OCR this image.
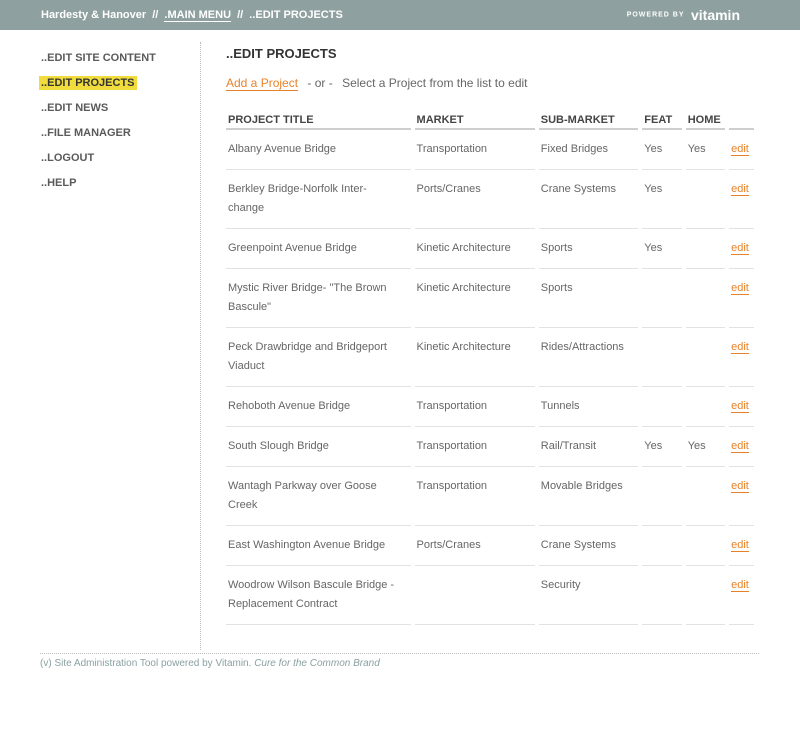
Hardesty & Hanover // .MAIN MENU // ..EDIT PROJECTS	POWERED BY vitamin
..EDIT SITE CONTENT
..EDIT PROJECTS
..EDIT NEWS
..FILE MANAGER
..LOGOUT
..HELP
..EDIT PROJECTS
Add a Project - or - Select a Project from the list to edit
PROJECT TITLE	MARKET	SUB-MARKET	FEAT	HOME	
Albany Avenue Bridge	Transportation	Fixed Bridges	Yes	Yes	edit
Berkley Bridge-Norfolk Inter-change	Ports/Cranes	Crane Systems	Yes		edit
Greenpoint Avenue Bridge	Kinetic Architecture	Sports	Yes		edit
Mystic River Bridge- "The Brown Bascule"	Kinetic Architecture	Sports			edit
Peck Drawbridge and Bridgeport Viaduct	Kinetic Architecture	Rides/Attractions			edit
Rehoboth Avenue Bridge	Transportation	Tunnels			edit
South Slough Bridge	Transportation	Rail/Transit	Yes	Yes	edit
Wantagh Parkway over Goose Creek	Transportation	Movable Bridges			edit
East Washington Avenue Bridge	Ports/Cranes	Crane Systems			edit
Woodrow Wilson Bascule Bridge - Replacement Contract		Security			edit
(v) Site Administration Tool powered by Vitamin. Cure for the Common Brand
